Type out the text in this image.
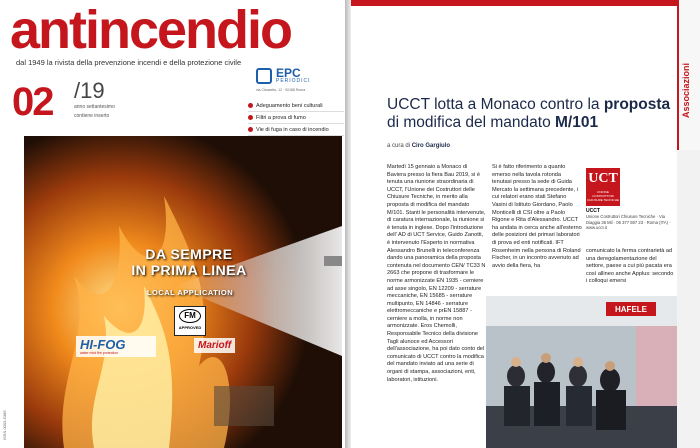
antincendio
dal 1949 la rivista della prevenzione incendi e della protezione civile
02 /19
anno settantesimo
contiene inserto
EPC
PERIODICI
via Clauzetto, 12 · 00188 Roma
Adeguamento beni culturali
Filtri a prova di fumo
Vie di fuga in caso di incendio
DA SEMPRE
IN PRIMA LINEA
LOCAL APPLICATION
FM
APPROVED
HI-FOG
water mist fire protection
Marioff
ISSN 0003-5386
Associazioni
UCCT lotta a Monaco contro la proposta
di modifica del mandato M/101
a cura di Ciro Gargiulo
Martedì 15 gennaio a Monaco di Baviera presso la fiera Bau 2019, si è tenuta una riunione straordinaria di UCCT, l'Unione dei Costruttori delle Chiusure Tecniche, in merito alla proposta di modifica del mandato M/101. Stanti le personalità intervenute, di caratura internazionale, la riunione si è tenuta in inglese. Dopo l'introduzione dell' AD di UCT Service, Guido Zanotti, è intervenuto l'Esperto in normativa Alessandro Brunelli in teleconferenza dando una panoramica della proposta contenuta nel documento CEN/ TC33 N 2663 che propone di trasformare le norme armonizzate EN 1935 - cerniere ad asse singolo, EN 12209 - serrature meccaniche, EN 15685 - serrature multipunto, EN 14846 - serrature elettromeccaniche e prEN 15887 - cerniere a molla, in norme non armonizzate. Eros Chemolli, Responsabile Tecnico della divisione Tagli alunoce ed Accessori dell'associazione, ha poi dato conto del comunicato di UCCT contro la modifica del mandato inviato ad una serie di organi di stampa, associazioni, enti, laboratori, istituzioni.
Si è fatto riferimento a quanto emerso nella tavola rotonda tenutasi presso la sede di Guida Mercato la settimana precedente, i cui relatori erano stati Stefano Vasini di Istituto Giordano, Paolo Monticelli di CSI oltre a Paolo Rigone e Rita d'Alessandro. UCCT ha andata in cerca anche all'esterno delle posizioni dei primari laboratori di prova ed enti notificati. IFT Rosenheim nella persona di Roland Fischer, in un incontro avvenuto ad avvio della fiera, ha
UCT
UNIONE COSTRUTTORI CHIUSURE TECNICHE
UCCT
Unione Costruttori Chiusure Tecniche · Via Diaggia 36 Mil · 06 377 597 23 · Roma (ITA) · www.ucct.it
comunicato la ferma contrarietà ad una deregolamentazione del settore, paese a cui più pacata era così allineo anche Applus: secondo i colloqui emersi
HAFELE
